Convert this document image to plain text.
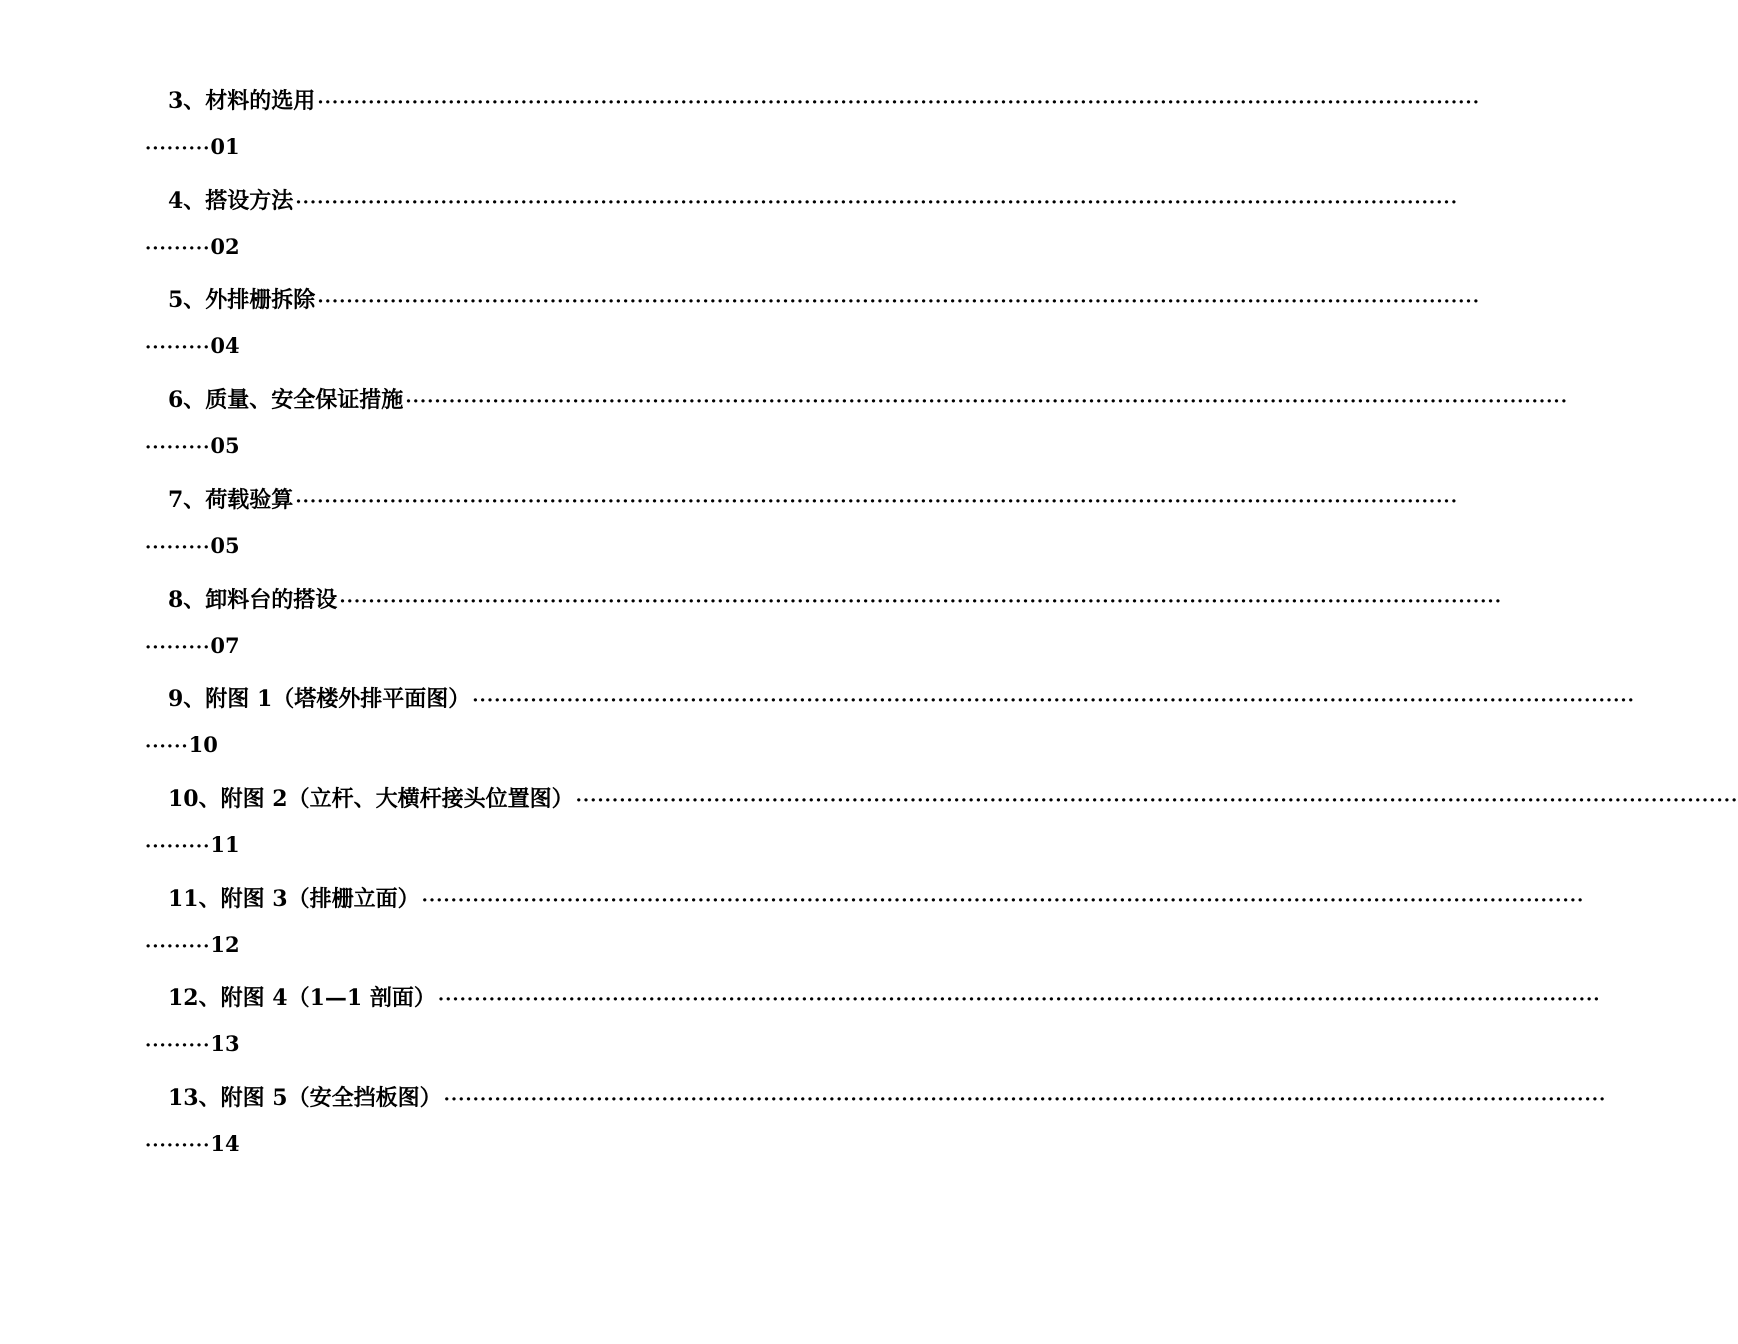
3、材料的选用 ································································································································································
········· 01
4、搭设方法 ································································································································································
········· 02
5、外排栅拆除 ································································································································································
········· 04
6、质量、安全保证措施 ································································································································································
········· 05
7、荷载验算 ································································································································································
········· 05
8、卸料台的搭设 ································································································································································
········· 07
9、附图 1（塔楼外排平面图） ································································································································································
······ 10
10、附图 2（立杆、大横杆接头位置图） ································································································································································
········· 11
11、附图 3（排栅立面） ································································································································································
········· 12
12、附图 4（1—1 剖面） ································································································································································
········· 13
13、附图 5（安全挡板图） ································································································································································
········· 14
